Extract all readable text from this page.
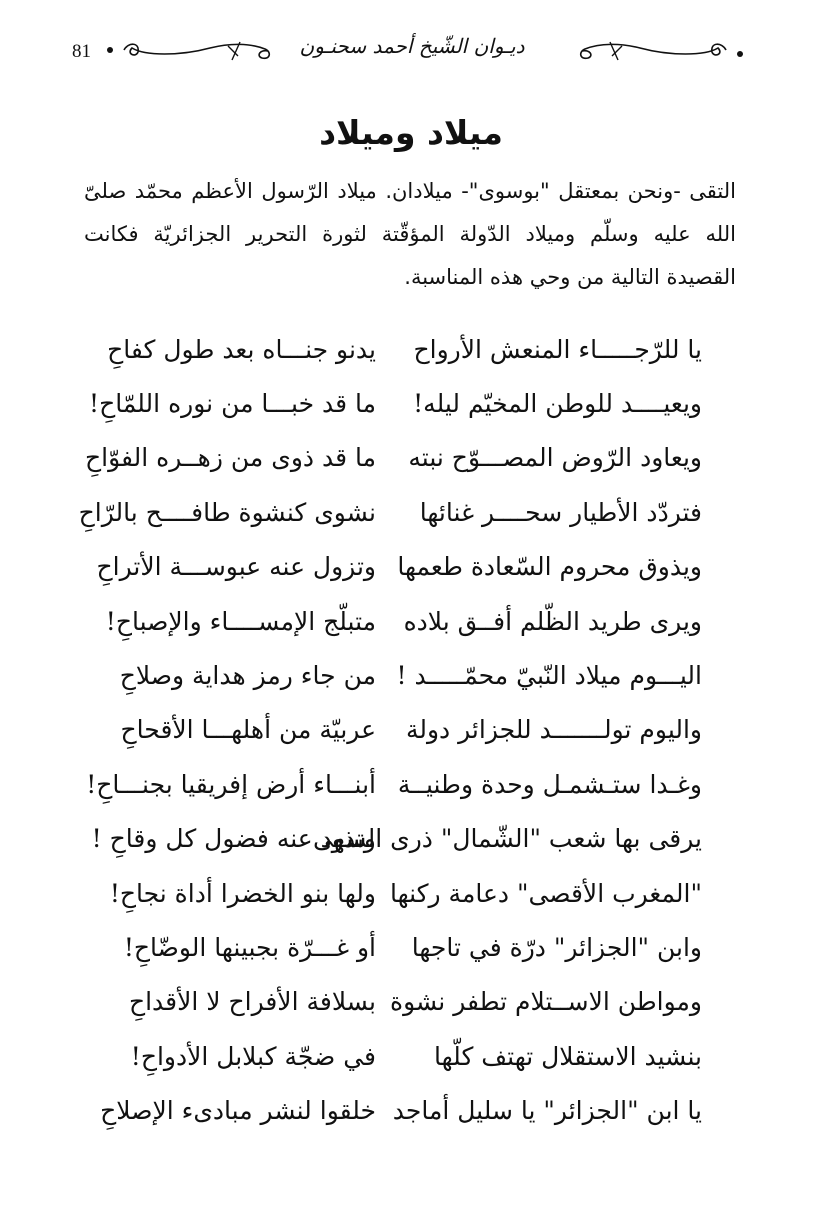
81	ديـوان الشّيخ أحمد سحنـون
ميلاد وميلاد

التقى -ونحن بمعتقل "بوسوى"- ميلادان. ميلاد الرّسول الأعظم محمّد صلىّ الله عليه وسلّم وميلاد الدّولة المؤقّتة لثورة التحرير الجزائريّة فكانت القصيدة التالية من وحي هذه المناسبة.

يا للرّجـــــاء المنعش الأرواح
يدنو جنـــاه بعد طول كفاحِ
ويعيــــد للوطن المخيّم ليله!
ما قد خبـــا من نوره اللمّاحِ!
ويعاود الرّوض المصـــوّح نبته
ما قد ذوى من زهــره الفوّاحِ
فتردّد الأطيار سحــــر غنائها
نشوى كنشوة طافــــح بالرّاحِ
ويذوق محروم السّعادة طعمها
وتزول عنه عبوســـة الأتراحِ
ويرى طريد الظّلم أفــق بلاده
متبلّج الإمســــاء والإصباحِ!
اليـــوم ميلاد النّبيّ محمّـــــد !
من جاء رمز هداية وصلاحِ
واليوم تولـــــــد للجزائر دولة
عربيّة من أهلهـــا الأقحاحِ
وغـدا ستـشمـل وحدة وطنيــة
أبنـــاء أرض إفريقيا بجنـــاحِ!
يرقى بها شعب "الشّمال" ذرى السهى
وتذود عنه فضول كل وقاحِ !
"المغرب الأقصى" دعامة ركنها
ولها بنو الخضرا أداة نجاحِ!
وابن "الجزائر" درّة في تاجها
أو غـــرّة بجبينها الوضّاحِ!
ومواطن الاســتلام تطفر نشوة
بسلافة الأفراح لا الأقداحِ
بنشيد الاستقلال تهتف كلّها
في ضجّة كبلابل الأدواحِ!
يا ابن "الجزائر" يا سليل أماجد
خلقوا لنشر مبادىء الإصلاحِ
